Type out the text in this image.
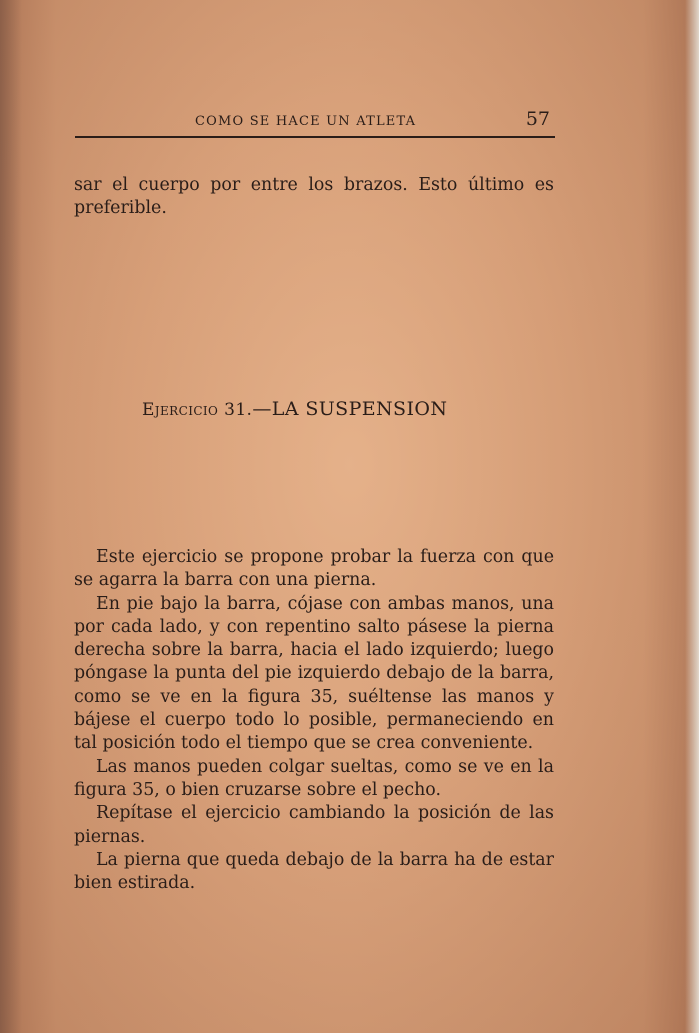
COMO SE HACE UN ATLETA	57
sar el cuerpo por entre los brazos. Esto último es preferible.
Ejercicio 31.—LA SUSPENSION

Este ejercicio se propone probar la fuerza con que se agarra la barra con una pierna.

En pie bajo la barra, cójase con ambas manos, una por cada lado, y con repentino salto pásese la pierna derecha sobre la barra, hacia el lado izquierdo; luego póngase la punta del pie izquierdo debajo de la barra, como se ve en la figura 35, suéltense las manos y bájese el cuerpo todo lo posible, permaneciendo en tal posición todo el tiempo que se crea conveniente.

Las manos pueden colgar sueltas, como se ve en la figura 35, o bien cruzarse sobre el pecho.

Repítase el ejercicio cambiando la posición de las piernas.

La pierna que queda debajo de la barra ha de estar bien estirada.
